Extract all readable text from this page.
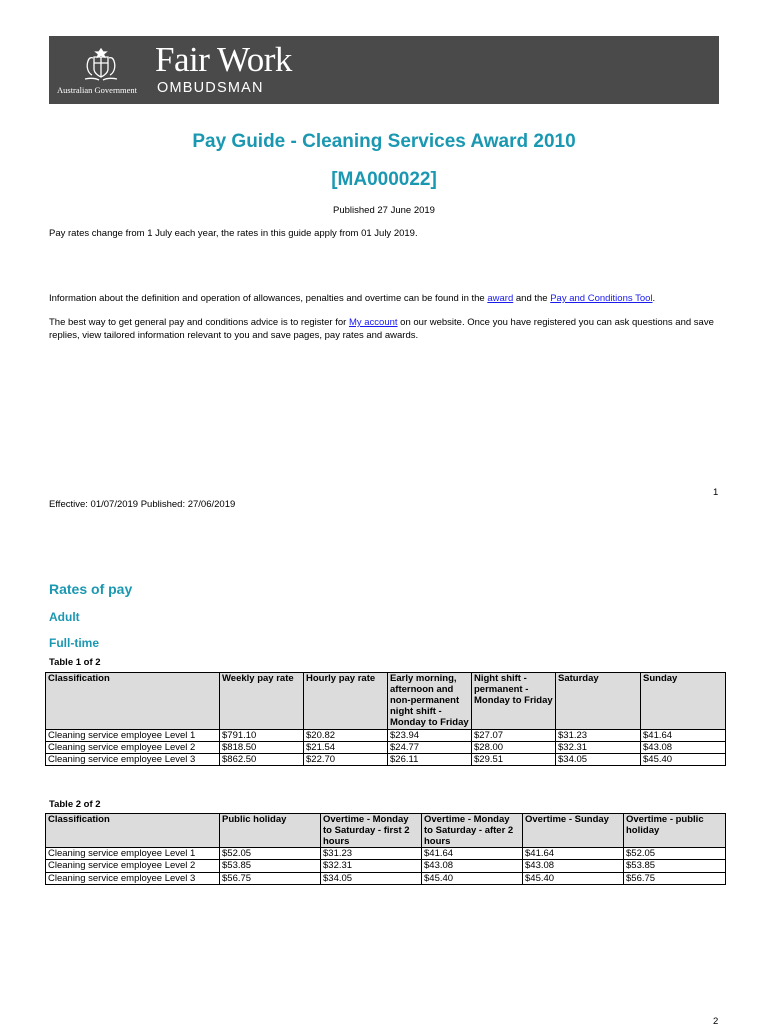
Australian Government
Fair Work
OMBUDSMAN
Pay Guide - Cleaning Services Award 2010
[MA000022]
Published 27 June 2019
Pay rates change from 1 July each year, the rates in this guide apply from 01 July 2019.
Information about the definition and operation of allowances, penalties and overtime can be found in the award and the Pay and Conditions Tool.
The best way to get general pay and conditions advice is to register for My account on our website. Once you have registered you can ask questions and save replies, view tailored information relevant to you and save pages, pay rates and awards.
1
Effective: 01/07/2019 Published: 27/06/2019
Rates of pay
Adult
Full-time
Table 1 of 2
Classification	Weekly pay rate	Hourly pay rate	Early morning, afternoon and non-permanent night shift - Monday to Friday	Night shift - permanent - Monday to Friday	Saturday	Sunday
Cleaning service employee Level 1	$791.10	$20.82	$23.94	$27.07	$31.23	$41.64
Cleaning service employee Level 2	$818.50	$21.54	$24.77	$28.00	$32.31	$43.08
Cleaning service employee Level 3	$862.50	$22.70	$26.11	$29.51	$34.05	$45.40
Table 2 of 2
Classification	Public holiday	Overtime - Monday to Saturday - first 2 hours	Overtime - Monday to Saturday - after 2 hours	Overtime - Sunday	Overtime - public holiday
Cleaning service employee Level 1	$52.05	$31.23	$41.64	$41.64	$52.05
Cleaning service employee Level 2	$53.85	$32.31	$43.08	$43.08	$53.85
Cleaning service employee Level 3	$56.75	$34.05	$45.40	$45.40	$56.75
2
